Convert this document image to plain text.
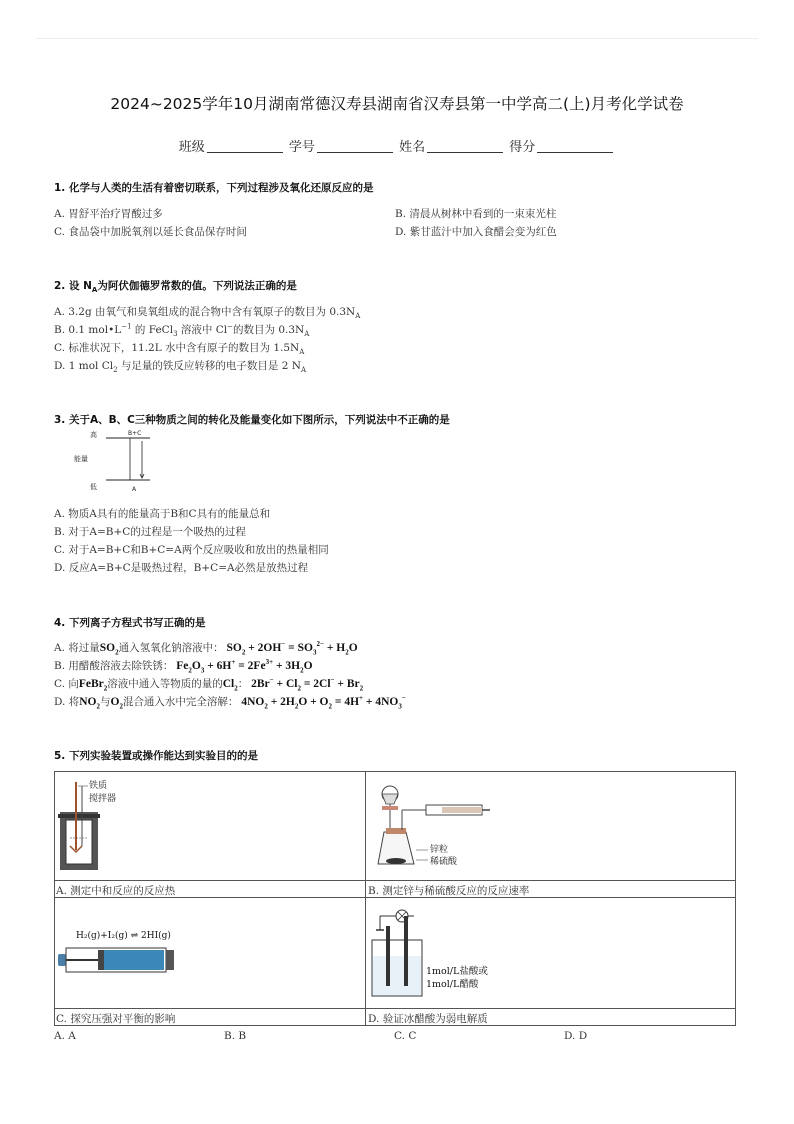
2024~2025学年10月湖南常德汉寿县湖南省汉寿县第一中学高二(上)月考化学试卷
班级	学号	姓名	得分
1. 化学与人类的生活有着密切联系，下列过程涉及氧化还原反应的是
A. 胃舒平治疗胃酸过多	B. 清晨从树林中看到的一束束光柱
C. 食品袋中加脱氧剂以延长食品保存时间	D. 紫甘蓝汁中加入食醋会变为红色
2. 设 $N_A$为阿伏伽德罗常数的值。下列说法正确的是
A. 3.2g 由氧气和臭氧组成的混合物中含有氧原子的数目为 $0.3N_A$
B. 0.1 $mol•L^{-1}$ 的 FeCl$_3$ 溶液中 Cl−的数目为 $0.3N_A$
C. 标准状况下，11.2L 水中含有原子的数目为 $1.5N_A$
D. 1 mol $Cl_2$ 与足量的铁反应转移的电子数目是 2 $N_A$
3. 关于A、B、C三种物质之间的转化及能量变化如下图所示，下列说法中不正确的是
高	B+C
能量
低	A
A. 物质A具有的能量高于B和C具有的能量总和
B. 对于A=B+C的过程是一个吸热的过程
C. 对于A=B+C和B+C=A两个反应吸收和放出的热量相同
D. 反应A=B+C是吸热过程，B+C=A必然是放热过程
4. 下列离子方程式书写正确的是
A. 将过量$SO_2$通入氢氧化钠溶液中： $SO_2 + 2OH^- = SO_3^{2-} + H_2O$
B. 用醋酸溶液去除铁锈： $Fe_2O_3 + 6H^+ = 2Fe^{3+} + 3H_2O$
C. 向FeBr$_2$溶液中通入等物质的量的$Cl_2$： $2Br^- + Cl_2 = 2Cl^- + Br_2$
D. 将$NO_2$与$O_2$混合通入水中完全溶解： $4NO_2 + 2H_2O + O_2 = 4H^+ + 4NO_3^-$
5. 下列实验装置或操作能达到实验目的的是
铁质
搅拌器
锌粒
稀硫酸
H₂(g)+I₂(g) ⇌ 2HI(g)
1mol/L盐酸或
1mol/L醋酸
A. 测定中和反应的反应热	B. 测定锌与稀硫酸反应的反应速率
C. 探究压强对平衡的影响	D. 验证冰醋酸为弱电解质
A. A	B. B	C. C	D. D
